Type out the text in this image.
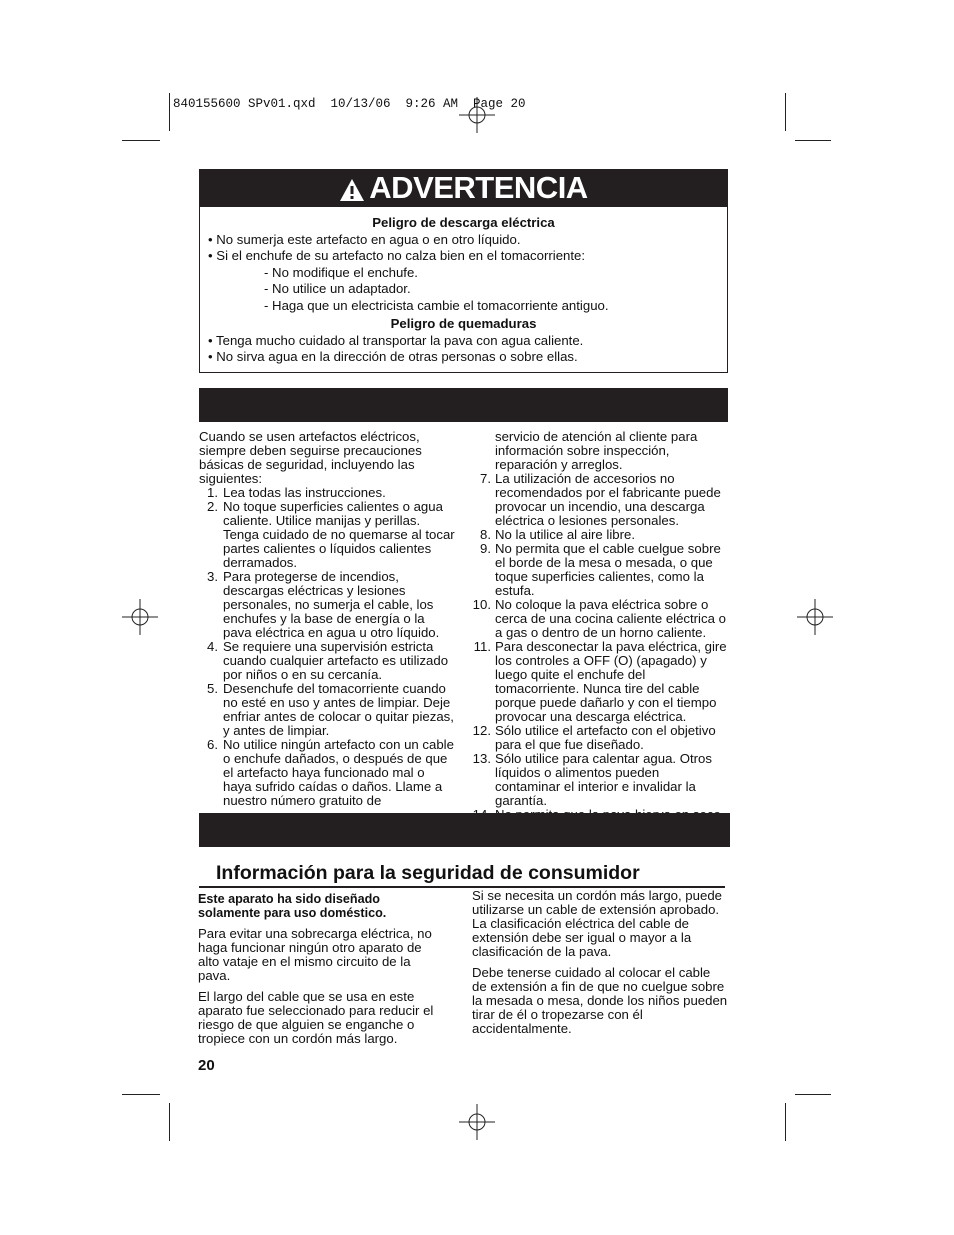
840155600 SPv01.qxd  10/13/06  9:26 AM  Page 20
ADVERTENCIA
Peligro de descarga eléctrica
• No sumerja este artefacto en agua o en otro líquido.
• Si el enchufe de su artefacto no calza bien en el tomacorriente:
- No modifique el enchufe.
- No utilice un adaptador.
- Haga que un electricista cambie el tomacorriente antiguo.
Peligro de quemaduras
• Tenga mucho cuidado al transportar la pava con agua caliente.
• No sirva agua en la dirección de otras personas o sobre ellas.

Cuando se usen artefactos eléctricos, siempre deben seguirse precauciones básicas de seguridad, incluyendo las siguientes:

1. Lea todas las instrucciones.
2. No toque superficies calientes o agua caliente. Utilice manijas y perillas. Tenga cuidado de no quemarse al tocar partes calientes o líquidos calientes derramados.
3. Para protegerse de incendios, descargas eléctricas y lesiones personales, no sumerja el cable, los enchufes y la base de energía o la pava eléctrica en agua u otro líquido.
4. Se requiere una supervisión estricta cuando cualquier artefacto es utilizado por niños o en su cercanía.
5. Desenchufe del tomacorriente cuando no esté en uso y antes de limpiar. Deje enfriar antes de colocar o quitar piezas, y antes de limpiar.
6. No utilice ningún artefacto con un cable o enchufe dañados, o después de que el artefacto haya funcionado mal o haya sufrido caídas o daños. Llame a nuestro número gratuito de
servicio de atención al cliente para información sobre inspección, reparación y arreglos.
7. La utilización de accesorios no recomendados por el fabricante puede provocar un incendio, una descarga eléctrica o lesiones personales.
8. No la utilice al aire libre.
9. No permita que el cable cuelgue sobre el borde de la mesa o mesada, o que toque superficies calientes, como la estufa.
10. No coloque la pava eléctrica sobre o cerca de una cocina caliente eléctrica o a gas o dentro de un horno caliente.
11. Para desconectar la pava eléctrica, gire los controles a OFF (O) (apagado) y luego quite el enchufe del tomacorriente. Nunca tire del cable porque puede dañarlo y con el tiempo provocar una descarga eléctrica.
12. Sólo utilice el artefacto con el objetivo para el que fue diseñado.
13. Sólo utilice para calentar agua. Otros líquidos o alimentos pueden contaminar el interior e invalidar la garantía.
Información para la seguridad de consumidor

Este aparato ha sido diseñado solamente para uso doméstico.

Para evitar una sobrecarga eléctrica, no haga funcionar ningún otro aparato de alto vataje en el mismo circuito de la pava.

El largo del cable que se usa en este aparato fue seleccionado para reducir el riesgo de que alguien se enganche o tropiece con un cordón más largo.

Si se necesita un cordón más largo, puede utilizarse un cable de extensión aprobado. La clasificación eléctrica del cable de extensión debe ser igual o mayor a la clasificación de la pava.

Debe tenerse cuidado al colocar el cable de extensión a fin de que no cuelgue sobre la mesada o mesa, donde los niños pueden tirar de él o tropezarse con él accidentalmente.

20
